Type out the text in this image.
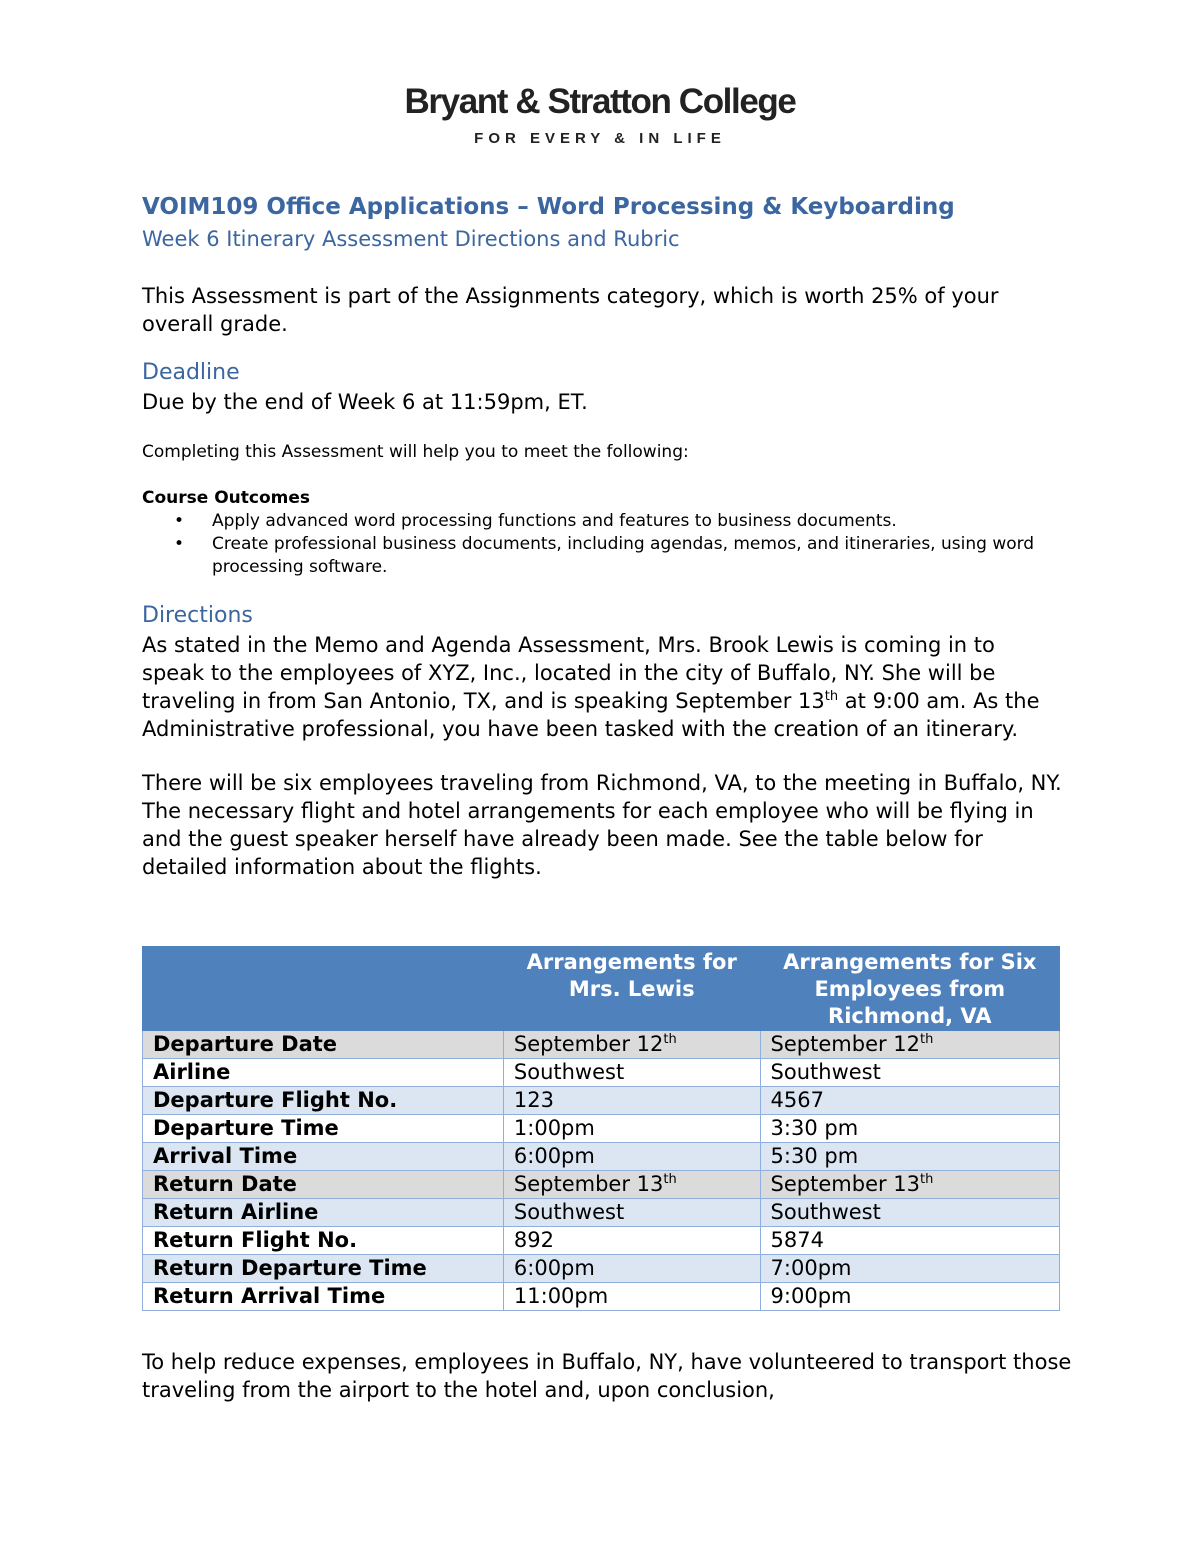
Bryant & Stratton College
FOR EVERY & IN LIFE

VOIM109 Office Applications – Word Processing & Keyboarding

Week 6 Itinerary Assessment Directions and Rubric

This Assessment is part of the Assignments category, which is worth 25% of your overall grade.

Deadline

Due by the end of Week 6 at 11:59pm, ET.

Completing this Assessment will help you to meet the following:

Course Outcomes

• Apply advanced word processing functions and features to business documents.
• Create professional business documents, including agendas, memos, and itineraries, using word processing software.

Directions

As stated in the Memo and Agenda Assessment, Mrs. Brook Lewis is coming in to speak to the employees of XYZ, Inc., located in the city of Buffalo, NY. She will be traveling in from San Antonio, TX, and is speaking September 13th at 9:00 am. As the Administrative professional, you have been tasked with the creation of an itinerary.

There will be six employees traveling from Richmond, VA, to the meeting in Buffalo, NY. The necessary flight and hotel arrangements for each employee who will be flying in and the guest speaker herself have already been made. See the table below for detailed information about the flights.

	Arrangements for Mrs. Lewis	Arrangements for Six Employees from Richmond, VA
Departure Date	September 12th	September 12th
Airline	Southwest	Southwest
Departure Flight No.	123	4567
Departure Time	1:00pm	3:30 pm
Arrival Time	6:00pm	5:30 pm
Return Date	September 13th	September 13th
Return Airline	Southwest	Southwest
Return Flight No.	892	5874
Return Departure Time	6:00pm	7:00pm
Return Arrival Time	11:00pm	9:00pm

To help reduce expenses, employees in Buffalo, NY, have volunteered to transport those traveling from the airport to the hotel and, upon conclusion,
